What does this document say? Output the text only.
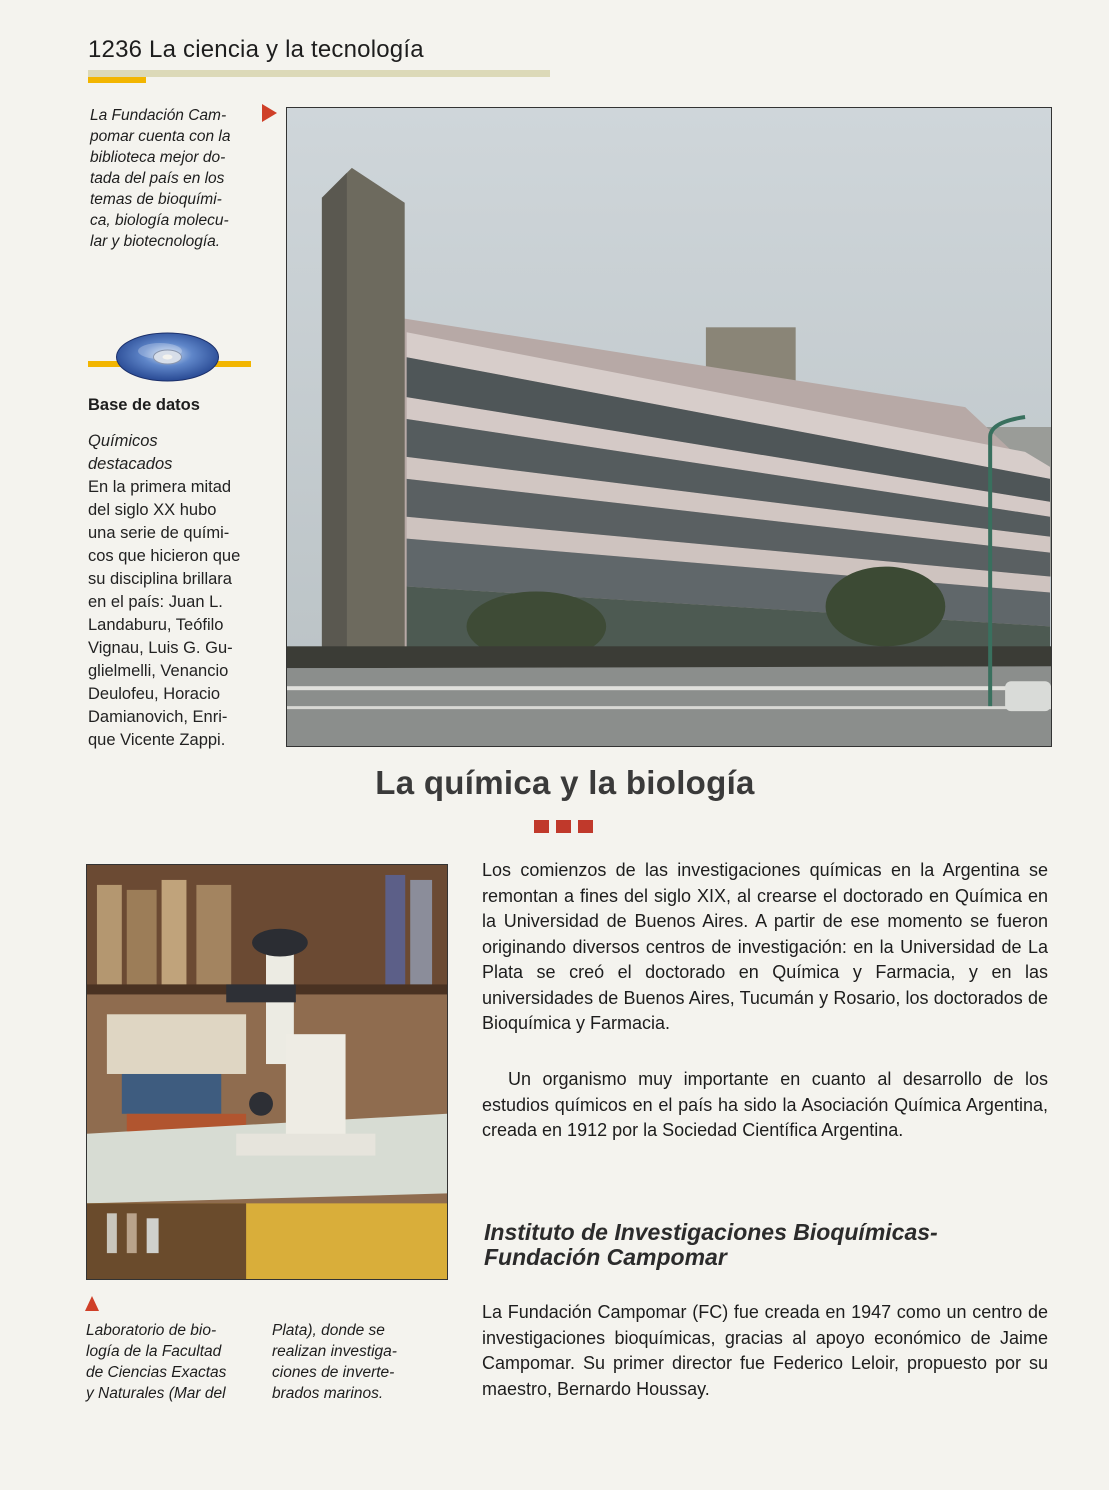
1236 La ciencia y la tecnología
La Fundación Cam-
pomar cuenta con la
biblioteca mejor do-
tada del país en los
temas de bioquími-
ca, biología molecu-
lar y biotecnología.
Base de datos
Químicos
destacados
En la primera mitad
del siglo XX hubo
una serie de quími-
cos que hicieron que
su disciplina brillara
en el país: Juan L.
Landaburu, Teófilo
Vignau, Luis G. Gu-
glielmelli, Venancio
Deulofeu, Horacio
Damianovich, Enri-
que Vicente Zappi.
La química y la biología
Laboratorio de bio-
logía de la Facultad
de Ciencias Exactas
y Naturales (Mar del
Plata), donde se
realizan investiga-
ciones de inverte-
brados marinos.
Los comienzos de las investigaciones químicas en la Argentina se remontan a fines del siglo XIX, al crearse el doctorado en Química en la Universidad de Buenos Aires. A partir de ese momento se fueron originando diversos centros de investigación: en la Universidad de La Plata se creó el doctorado en Química y Farmacia, y en las universidades de Buenos Aires, Tucumán y Rosario, los doctorados de Bioquímica y Farmacia.
Un organismo muy importante en cuanto al desarrollo de los estudios químicos en el país ha sido la Asociación Química Argentina, creada en 1912 por la Sociedad Científica Argentina.
Instituto de Investigaciones Bioquímicas-Fundación Campomar
La Fundación Campomar (FC) fue creada en 1947 como un centro de investigaciones bioquímicas, gracias al apoyo económico de Jaime Campomar. Su primer director fue Federico Leloir, propuesto por su maestro, Bernardo Houssay.
